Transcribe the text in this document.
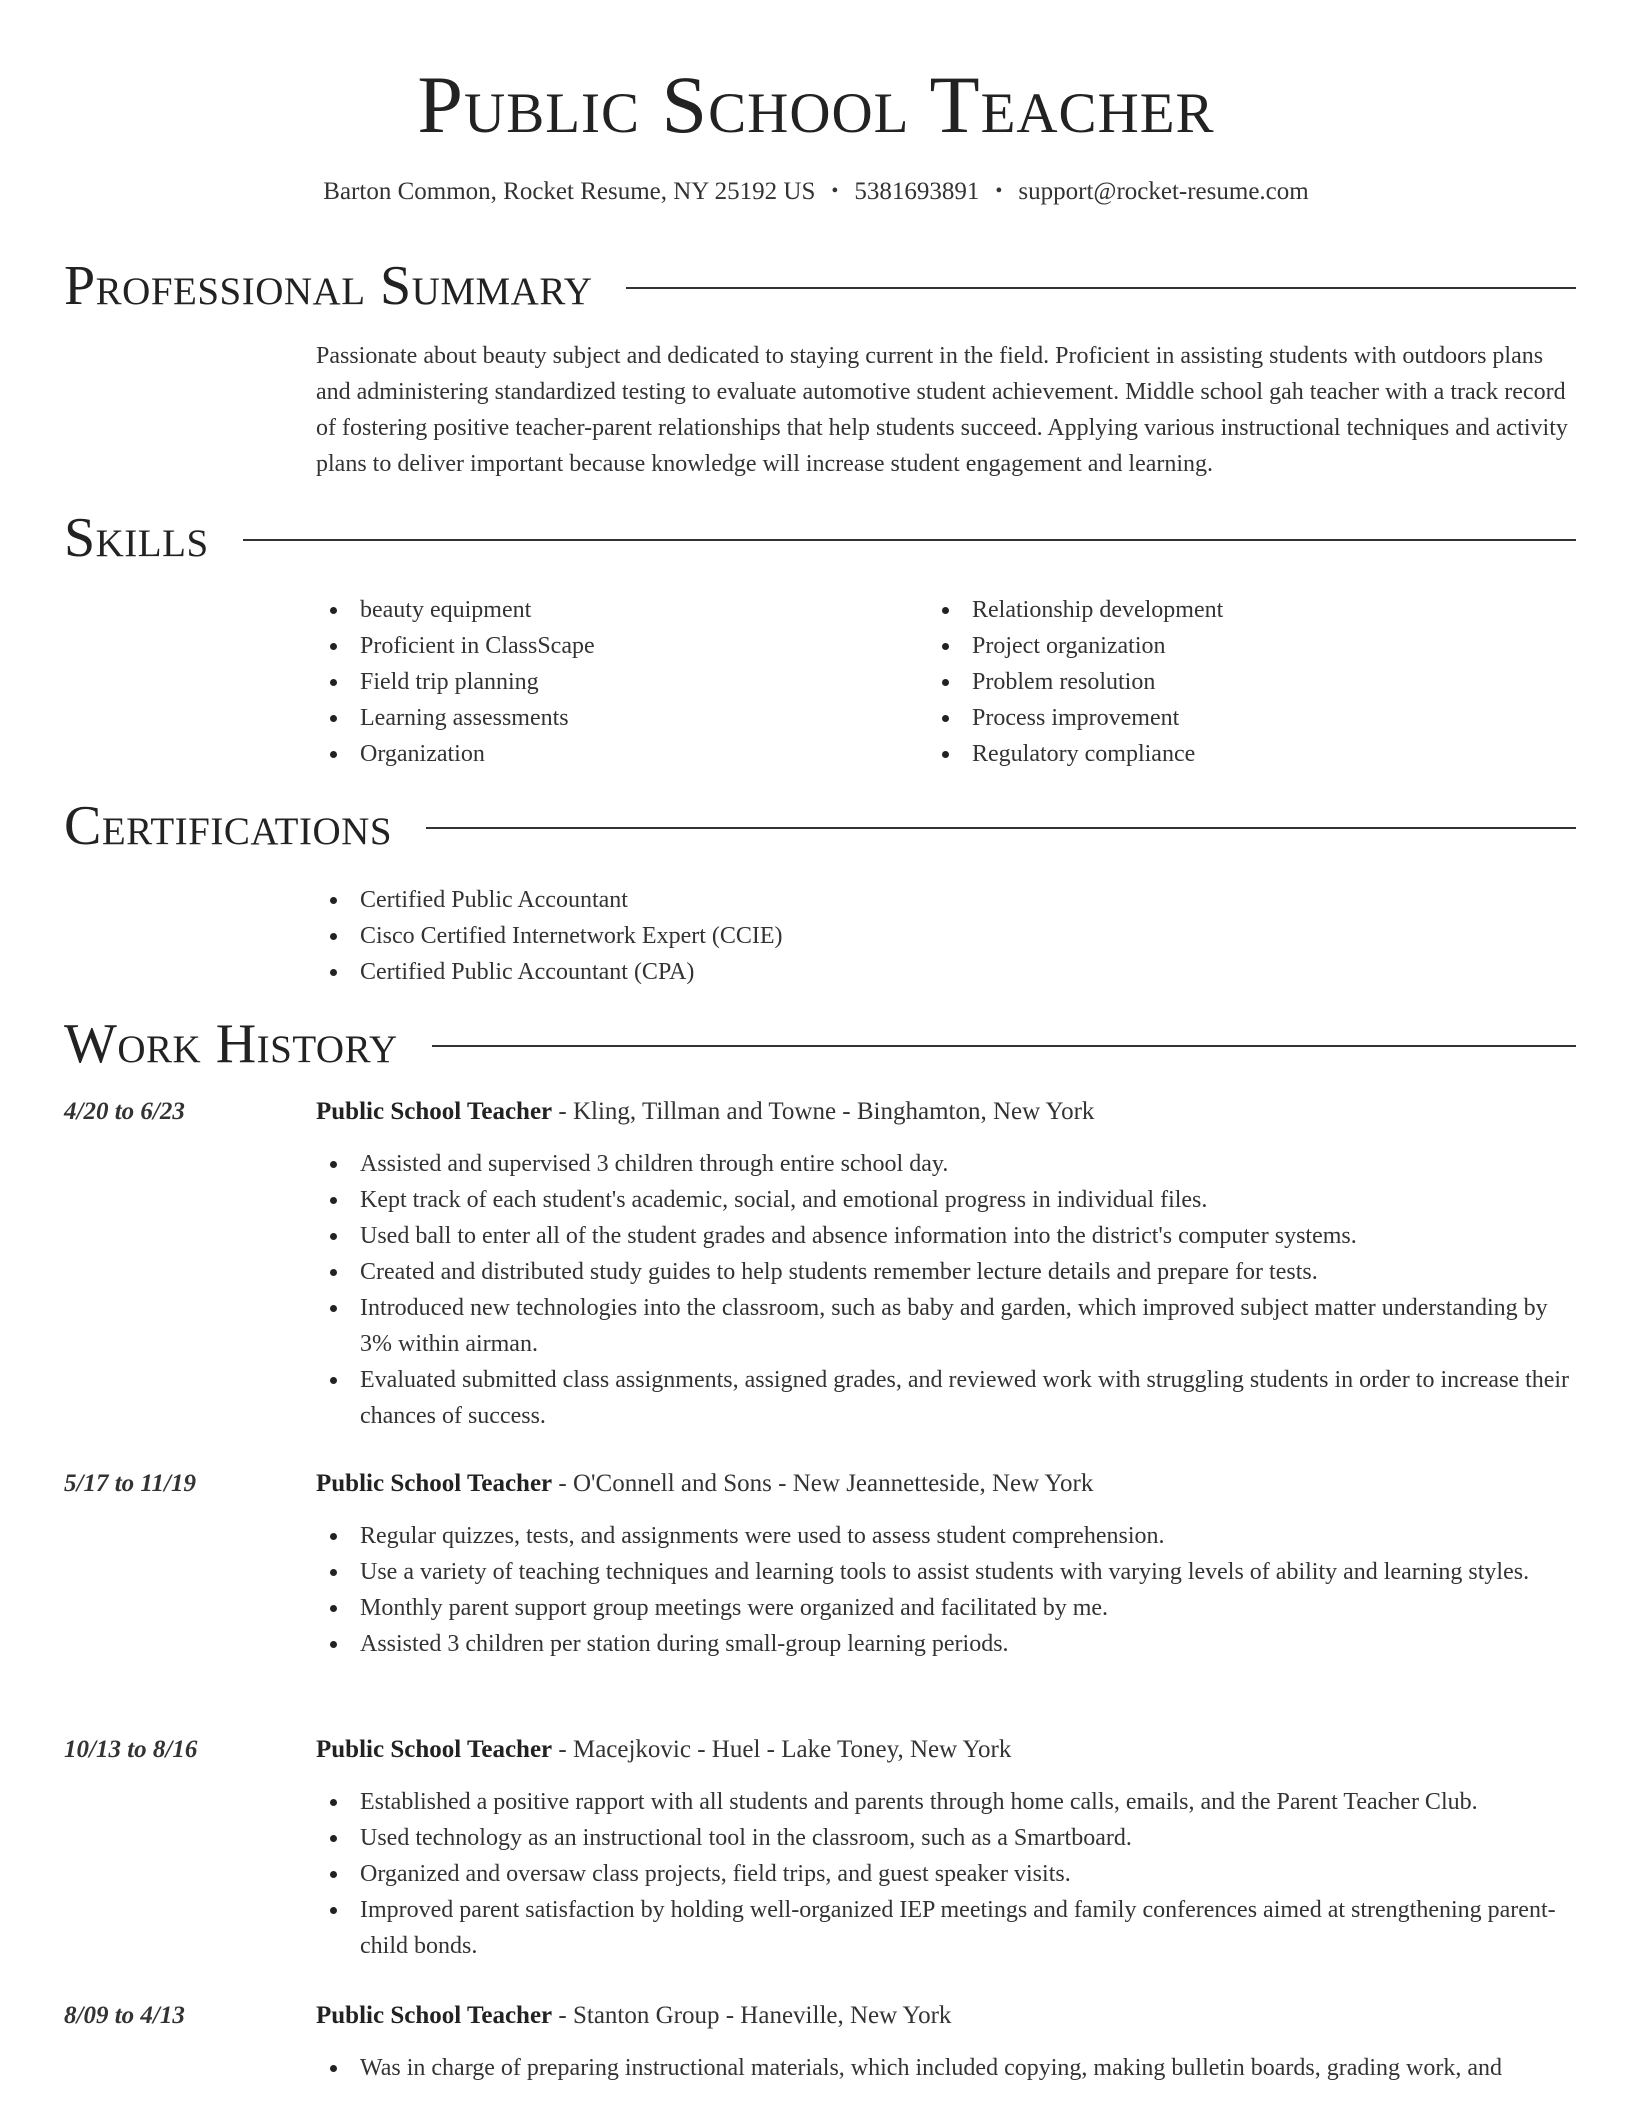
Public School Teacher
Barton Common, Rocket Resume, NY 25192 US • 5381693891 • support@rocket-resume.com
Professional Summary

Passionate about beauty subject and dedicated to staying current in the field. Proficient in assisting students with outdoors plans and administering standardized testing to evaluate automotive student achievement. Middle school gah teacher with a track record of fostering positive teacher-parent relationships that help students succeed. Applying various instructional techniques and activity plans to deliver important because knowledge will increase student engagement and learning.

Skills
beauty equipment
Proficient in ClassScape
Field trip planning
Learning assessments
Organization
Relationship development
Project organization
Problem resolution
Process improvement
Regulatory compliance
Certifications
Certified Public Accountant
Cisco Certified Internetwork Expert (CCIE)
Certified Public Accountant (CPA)
Work History
4/20 to 6/23	Public School Teacher - Kling, Tillman and Towne - Binghamton, New York
Assisted and supervised 3 children through entire school day.
Kept track of each student's academic, social, and emotional progress in individual files.
Used ball to enter all of the student grades and absence information into the district's computer systems.
Created and distributed study guides to help students remember lecture details and prepare for tests.
Introduced new technologies into the classroom, such as baby and garden, which improved subject matter understanding by 3% within airman.
Evaluated submitted class assignments, assigned grades, and reviewed work with struggling students in order to increase their chances of success.
5/17 to 11/19	Public School Teacher - O'Connell and Sons - New Jeannetteside, New York
Regular quizzes, tests, and assignments were used to assess student comprehension.
Use a variety of teaching techniques and learning tools to assist students with varying levels of ability and learning styles.
Monthly parent support group meetings were organized and facilitated by me.
Assisted 3 children per station during small-group learning periods.
10/13 to 8/16	Public School Teacher - Macejkovic - Huel - Lake Toney, New York
Established a positive rapport with all students and parents through home calls, emails, and the Parent Teacher Club.
Used technology as an instructional tool in the classroom, such as a Smartboard.
Organized and oversaw class projects, field trips, and guest speaker visits.
Improved parent satisfaction by holding well-organized IEP meetings and family conferences aimed at strengthening parent-child bonds.
8/09 to 4/13	Public School Teacher - Stanton Group - Haneville, New York
Was in charge of preparing instructional materials, which included copying, making bulletin boards, grading work, and
